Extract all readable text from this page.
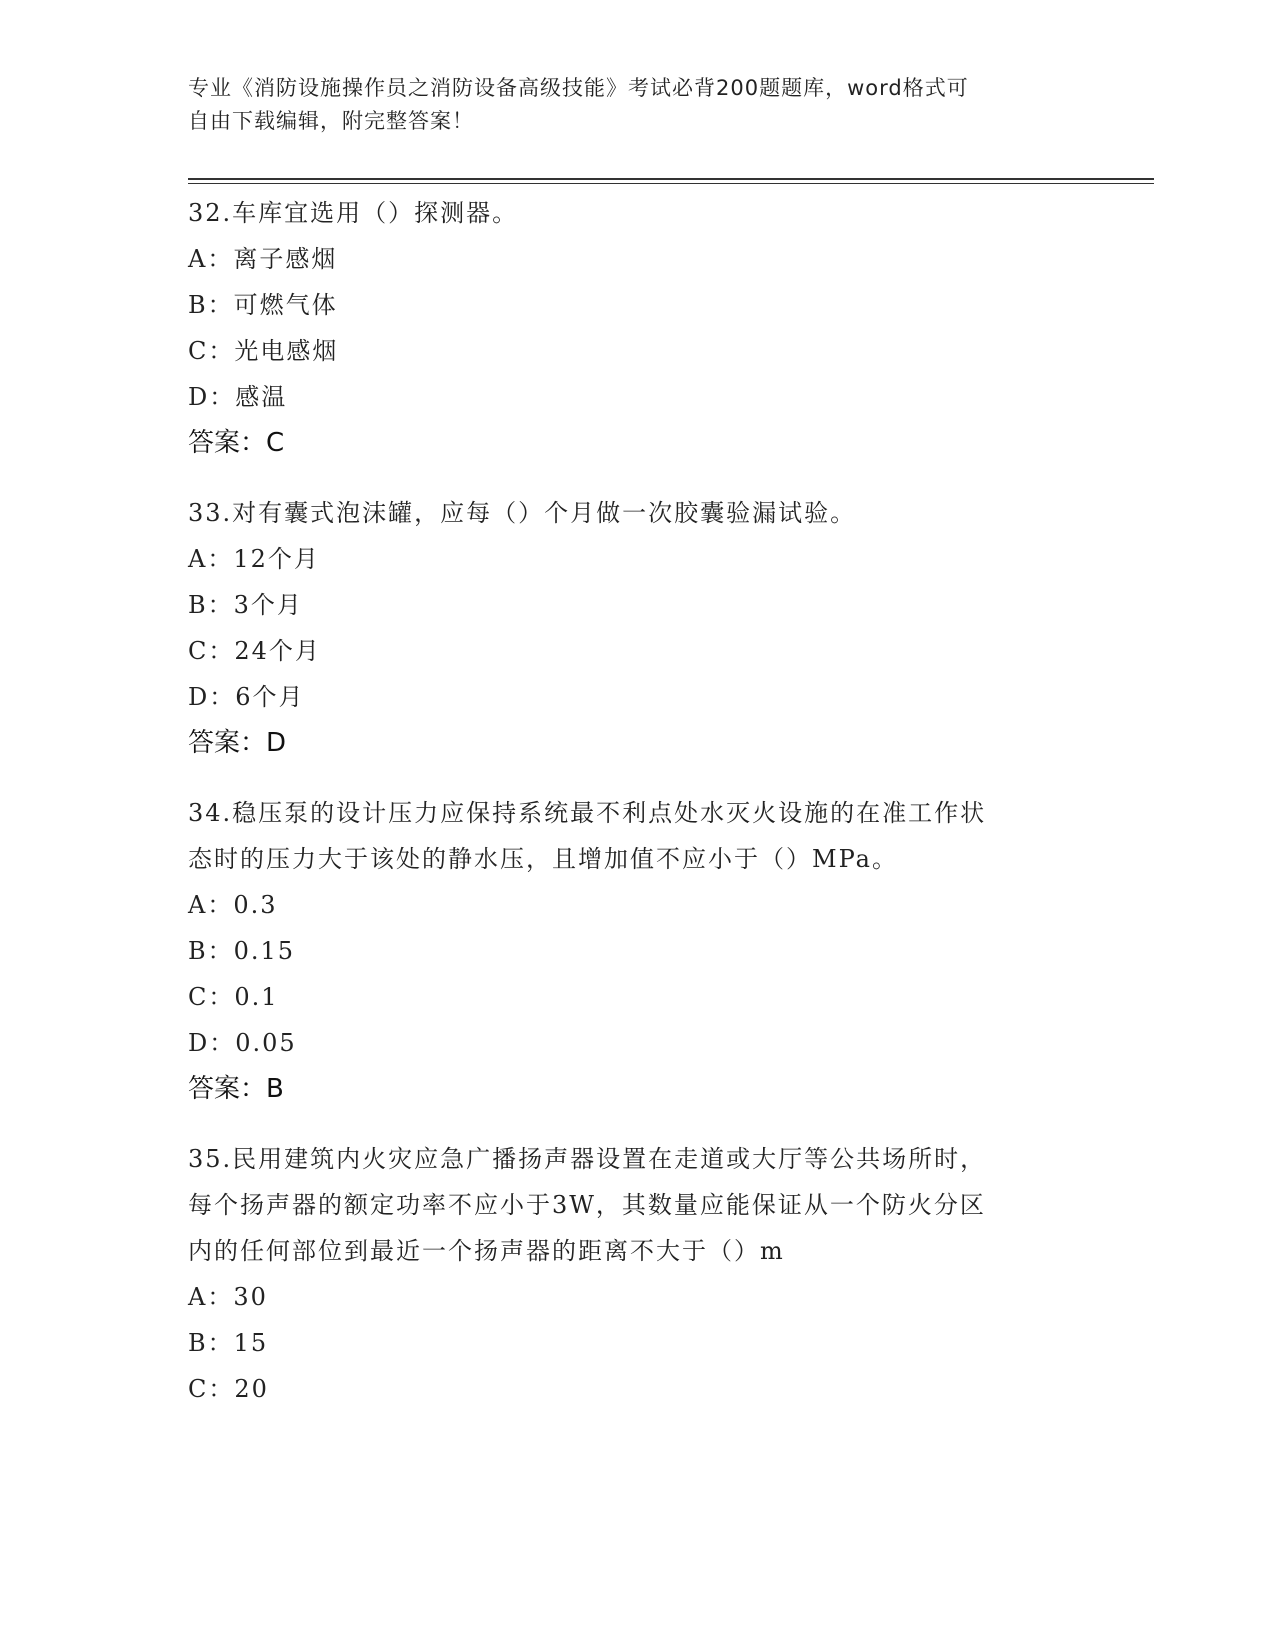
专业《消防设施操作员之消防设备高级技能》考试必背200题题库，word格式可
自由下载编辑，附完整答案！
32.车库宜选用（）探测器。
A：离子感烟
B：可燃气体
C：光电感烟
D：感温
答案：C
33.对有囊式泡沫罐，应每（）个月做一次胶囊验漏试验。
A：12个月
B：3个月
C：24个月
D：6个月
答案：D
34.稳压泵的设计压力应保持系统最不利点处水灭火设施的在准工作状
态时的压力大于该处的静水压，且增加值不应小于（）MPa。
A：0.3
B：0.15
C：0.1
D：0.05
答案：B
35.民用建筑内火灾应急广播扬声器设置在走道或大厅等公共场所时，
每个扬声器的额定功率不应小于3W，其数量应能保证从一个防火分区
内的任何部位到最近一个扬声器的距离不大于（）m
A：30
B：15
C：20
